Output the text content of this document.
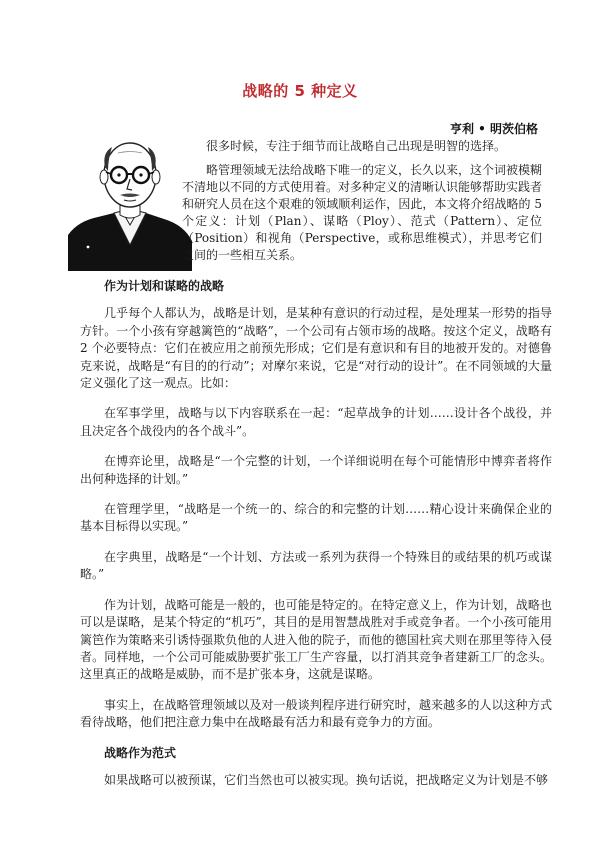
战略的 5 种定义
亨利 • 明茨伯格

很多时候，专注于细节而让战略自己出现是明智的选择。

略管理领域无法给战略下唯一的定义，长久以来，这个词被模糊不清地以不同的方式使用着。对多种定义的清晰认识能够帮助实践者和研究人员在这个艰难的领域顺利运作，因此，本文将介绍战略的 5 个定义：计划（Plan）、谋略（Ploy）、范式（Pattern）、定位（Position）和视角（Perspective，或称思维模式），并思考它们之间的一些相互关系。

作为计划和谋略的战略

几乎每个人都认为，战略是计划，是某种有意识的行动过程，是处理某一形势的指导方针。一个小孩有穿越篱笆的“战略”，一个公司有占领市场的战略。按这个定义，战略有 2 个必要特点：它们在被应用之前预先形成；它们是有意识和有目的地被开发的。对德鲁克来说，战略是“有目的的行动”；对摩尔来说，它是“对行动的设计”。在不同领域的大量定义强化了这一观点。比如：

在军事学里，战略与以下内容联系在一起：“起草战争的计划……设计各个战役，并且决定各个战役内的各个战斗”。

在博弈论里，战略是“一个完整的计划，一个详细说明在每个可能情形中博弈者将作出何种选择的计划。”

在管理学里，“战略是一个统一的、综合的和完整的计划……精心设计来确保企业的基本目标得以实现。”

在字典里，战略是“一个计划、方法或一系列为获得一个特殊目的或结果的机巧或谋略。”

作为计划，战略可能是一般的，也可能是特定的。在特定意义上，作为计划，战略也可以是谋略，是某个特定的“机巧”，其目的是用智慧战胜对手或竞争者。一个小孩可能用篱笆作为策略来引诱恃强欺负他的人进入他的院子，而他的德国杜宾犬则在那里等待入侵者。同样地，一个公司可能威胁要扩张工厂生产容量，以打消其竞争者建新工厂的念头。这里真正的战略是威胁，而不是扩张本身，这就是谋略。

事实上，在战略管理领域以及对一般谈判程序进行研究时，越来越多的人以这种方式看待战略，他们把注意力集中在战略最有活力和最有竞争力的方面。

战略作为范式

如果战略可以被预谋，它们当然也可以被实现。换句话说，把战略定义为计划是不够
